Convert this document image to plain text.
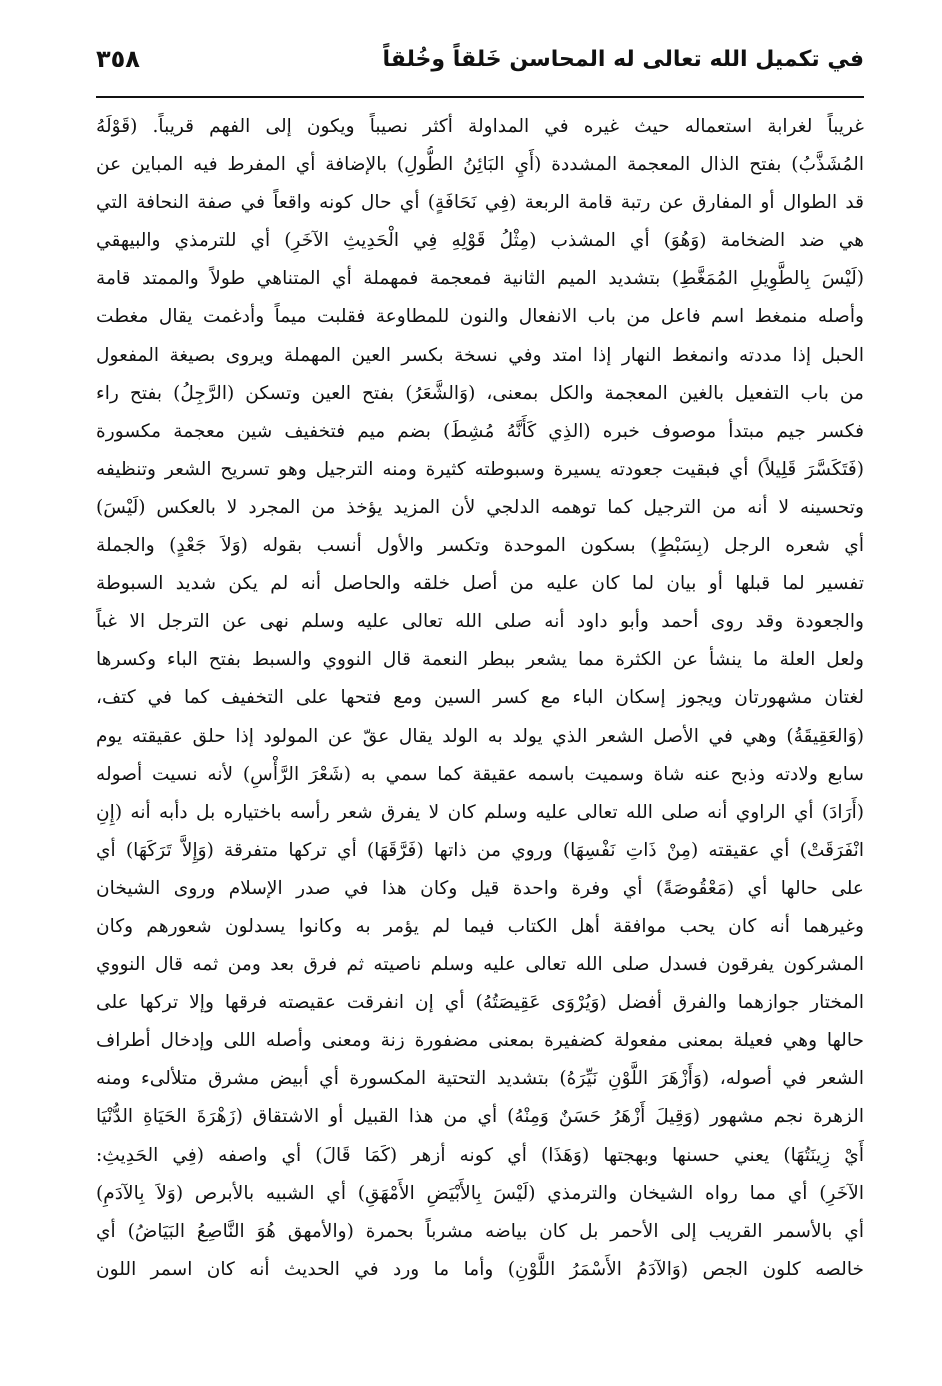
٣٥٨	في تكميل الله تعالى له المحاسن خَلقاً وخُلقاً
غريباً لغرابة استعماله حيث غيره في المداولة أكثر نصيباً ويكون إلى الفهم قريباً. (قَوْلَهُ
المُشَذَّبُ) بفتح الذال المعجمة المشددة (أَيِ البَائِنُ الطُّولِ) بالإضافة أي المفرط فيه المباين عن
قد الطوال أو المفارق عن رتبة قامة الربعة (فِي نَحَافَةٍ) أي حال كونه واقعاً في صفة النحافة التي
هي ضد الضخامة (وَهُوَ) أي المشذب (مِثْلُ قَوْلِهِ فِي الْحَدِيثِ الآخَرِ) أي للترمذي والبيهقي
(لَيْسَ بِالطَّوِيلِ المُمَغَّطِ) بتشديد الميم الثانية فمعجمة فمهملة أي المتناهي طولاً والممتد قامة
وأصله منمغط اسم فاعل من باب الانفعال والنون للمطاوعة فقلبت ميماً وأدغمت يقال مغطت
الحبل إذا مددته وانمغط النهار إذا امتد وفي نسخة بكسر العين المهملة ويروى بصيغة المفعول
من باب التفعيل بالغين المعجمة والكل بمعنى، (وَالشَّعَرُ) بفتح العين وتسكن (الرَّجِلُ) بفتح راء
فكسر جيم مبتدأ موصوف خبره (الذِي كَأَنَّهُ مُشِطَ) بضم ميم فتخفيف شين معجمة مكسورة
(فَتَكَسَّرَ قَلِيلاً) أي فبقيت جعودته يسيرة وسبوطته كثيرة ومنه الترجيل وهو تسريح الشعر وتنظيفه
وتحسينه لا أنه من الترجيل كما توهمه الدلجي لأن المزيد يؤخذ من المجرد لا بالعكس (لَيْسَ)
أي شعره الرجل (بِسَبْطٍ) بسكون الموحدة وتكسر والأول أنسب بقوله (وَلاَ جَعْدٍ) والجملة
تفسير لما قبلها أو بيان لما كان عليه من أصل خلقه والحاصل أنه لم يكن شديد السبوطة
والجعودة وقد روى أحمد وأبو داود أنه صلى الله تعالى عليه وسلم نهى عن الترجل الا غباً
ولعل العلة ما ينشأ عن الكثرة مما يشعر ببطر النعمة قال النووي والسبط بفتح الباء وكسرها
لغتان مشهورتان ويجوز إسكان الباء مع كسر السين ومع فتحها على التخفيف كما في كتف،
(وَالعَقِيقَةُ) وهي في الأصل الشعر الذي يولد به الولد يقال عقّ عن المولود إذا حلق عقيقته يوم
سابع ولادته وذبح عنه شاة وسميت باسمه عقيقة كما سمي به (شَعْرَ الرَّأْسِ) لأنه نسيت أصوله
(أَرَادَ) أي الراوي أنه صلى الله تعالى عليه وسلم كان لا يفرق شعر رأسه باختياره بل دأبه أنه (إِنِ
انْفَرَقَتْ) أي عقيقته (مِنْ ذَاتِ نَفْسِهَا) وروي من ذاتها (فَرَّقَهَا) أي تركها متفرقة (وَإِلاَّ تَرَكَهَا) أي
على حالها أي (مَعْقُوصَةً) أي وفرة واحدة قيل وكان هذا في صدر الإسلام وروى الشيخان
وغيرهما أنه كان يحب موافقة أهل الكتاب فيما لم يؤمر به وكانوا يسدلون شعورهم وكان
المشركون يفرقون فسدل صلى الله تعالى عليه وسلم ناصيته ثم فرق بعد ومن ثمه قال النووي
المختار جوازهما والفرق أفضل (وَيُرْوَى عَقِيصَتُهُ) أي إن انفرقت عقيصته فرقها وإلا تركها على
حالها وهي فعيلة بمعنى مفعولة كضفيرة بمعنى مضفورة زنة ومعنى وأصله اللى وإدخال أطراف
الشعر في أصوله، (وَأَزْهَرَ اللَّوْنِ نَيِّرَهُ) بتشديد التحتية المكسورة أي أبيض مشرق متلألىء ومنه
الزهرة نجم مشهور (وَقِيلَ أَزْهَرُ حَسَنٌ وَمِنْهُ) أي من هذا القبيل أو الاشتقاق (زَهْرَةَ الحَيَاةِ الدُّنْيَا
أَيْ زِينَتُهَا) يعني حسنها وبهجتها (وَهَذَا) أي كونه أزهر (كَمَا قَالَ) أي واصفه (فِي الحَدِيثِ:
الآخَرِ) أي مما رواه الشيخان والترمذي (لَيْسَ بِالأَبْيَضِ الأَمْهَقِ) أي الشبيه بالأبرص (وَلاَ بِالآدَمِ)
أي بالأسمر القريب إلى الأحمر بل كان بياضه مشرباً بحمرة (والأمهق هُوَ النَّاصِعُ البَيَاضُ) أي
خالصه كلون الجص (وَالآدَمُ الأَسْمَرُ اللَّوْنِ) وأما ما ورد في الحديث أنه كان اسمر اللون
